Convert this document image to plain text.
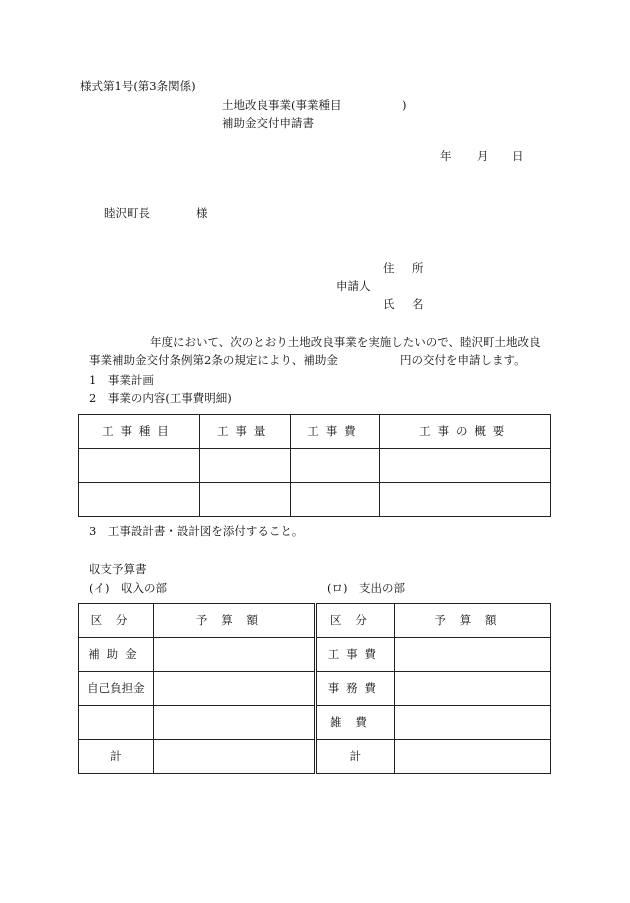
様式第1号(第3条関係)
土地改良事業(事業種目	)
補助金交付申請書
年 月 日
睦沢町長	様
住 所
申請人
氏 名
年度において、次のとおり土地改良事業を実施したいので、睦沢町土地改良
事業補助金交付条例第2条の規定により、補助金	円の交付を申請します。
1　事業計画
2　事業の内容(工事費明細)
工事種目	工事量	工事費	工事の概要

3　工事設計書・設計図を添付すること。
収支予算書
(イ)　収入の部	(ロ)　支出の部
区分	予算額
補助金	
自己負担金	

計	
区分	予算額
工事費	
事務費	
雑費	
計	
